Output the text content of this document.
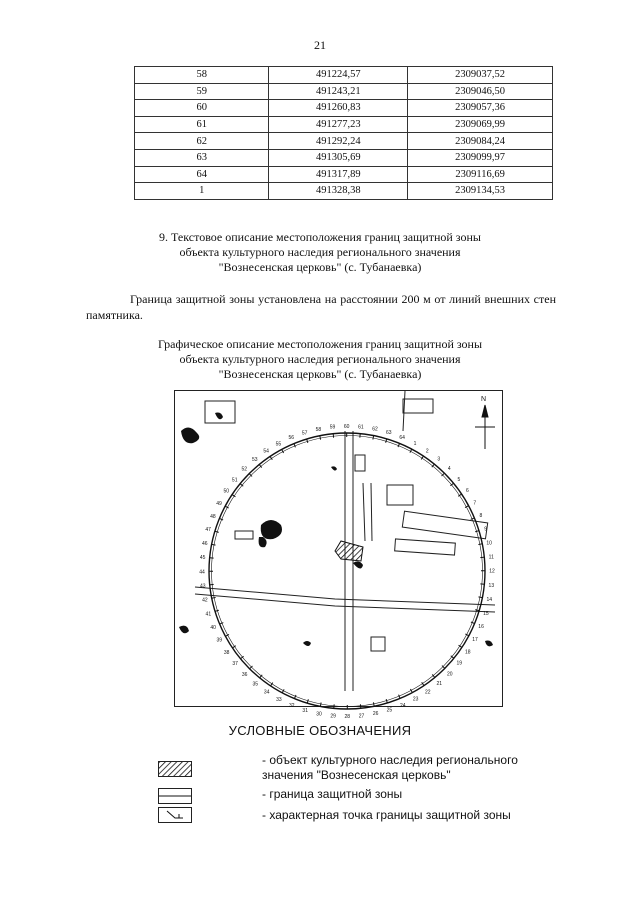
21
58	491224,57	2309037,52
59	491243,21	2309046,50
60	491260,83	2309057,36
61	491277,23	2309069,99
62	491292,24	2309084,24
63	491305,69	2309099,97
64	491317,89	2309116,69
1	491328,38	2309134,53
9. Текстовое описание местоположения границ защитной зоны
объекта культурного наследия регионального значения
"Вознесенская церковь" (с. Тубанаевка)
Граница защитной зоны установлена на расстоянии 200 м от линий внешних стен
памятника.
Графическое описание местоположения границ защитной зоны
объекта культурного наследия регионального значения
"Вознесенская церковь" (с. Тубанаевка)
N
1
2
3
4
5
6
7
8
9
10
11
12
13
14
15
16
17
18
19
20
21
22
23
24
25
26
27
28
29
30
31
32
33
34
35
36
37
38
39
40
41
42
43
44
45
46
47
48
49
50
51
52
53
54
55
56
57
58 59 60 61 62
63
64
УСЛОВНЫЕ ОБОЗНАЧЕНИЯ
- объект культурного наследия регионального
значения "Вознесенская церковь"
- граница защитной зоны
- характерная точка границы защитной зоны
